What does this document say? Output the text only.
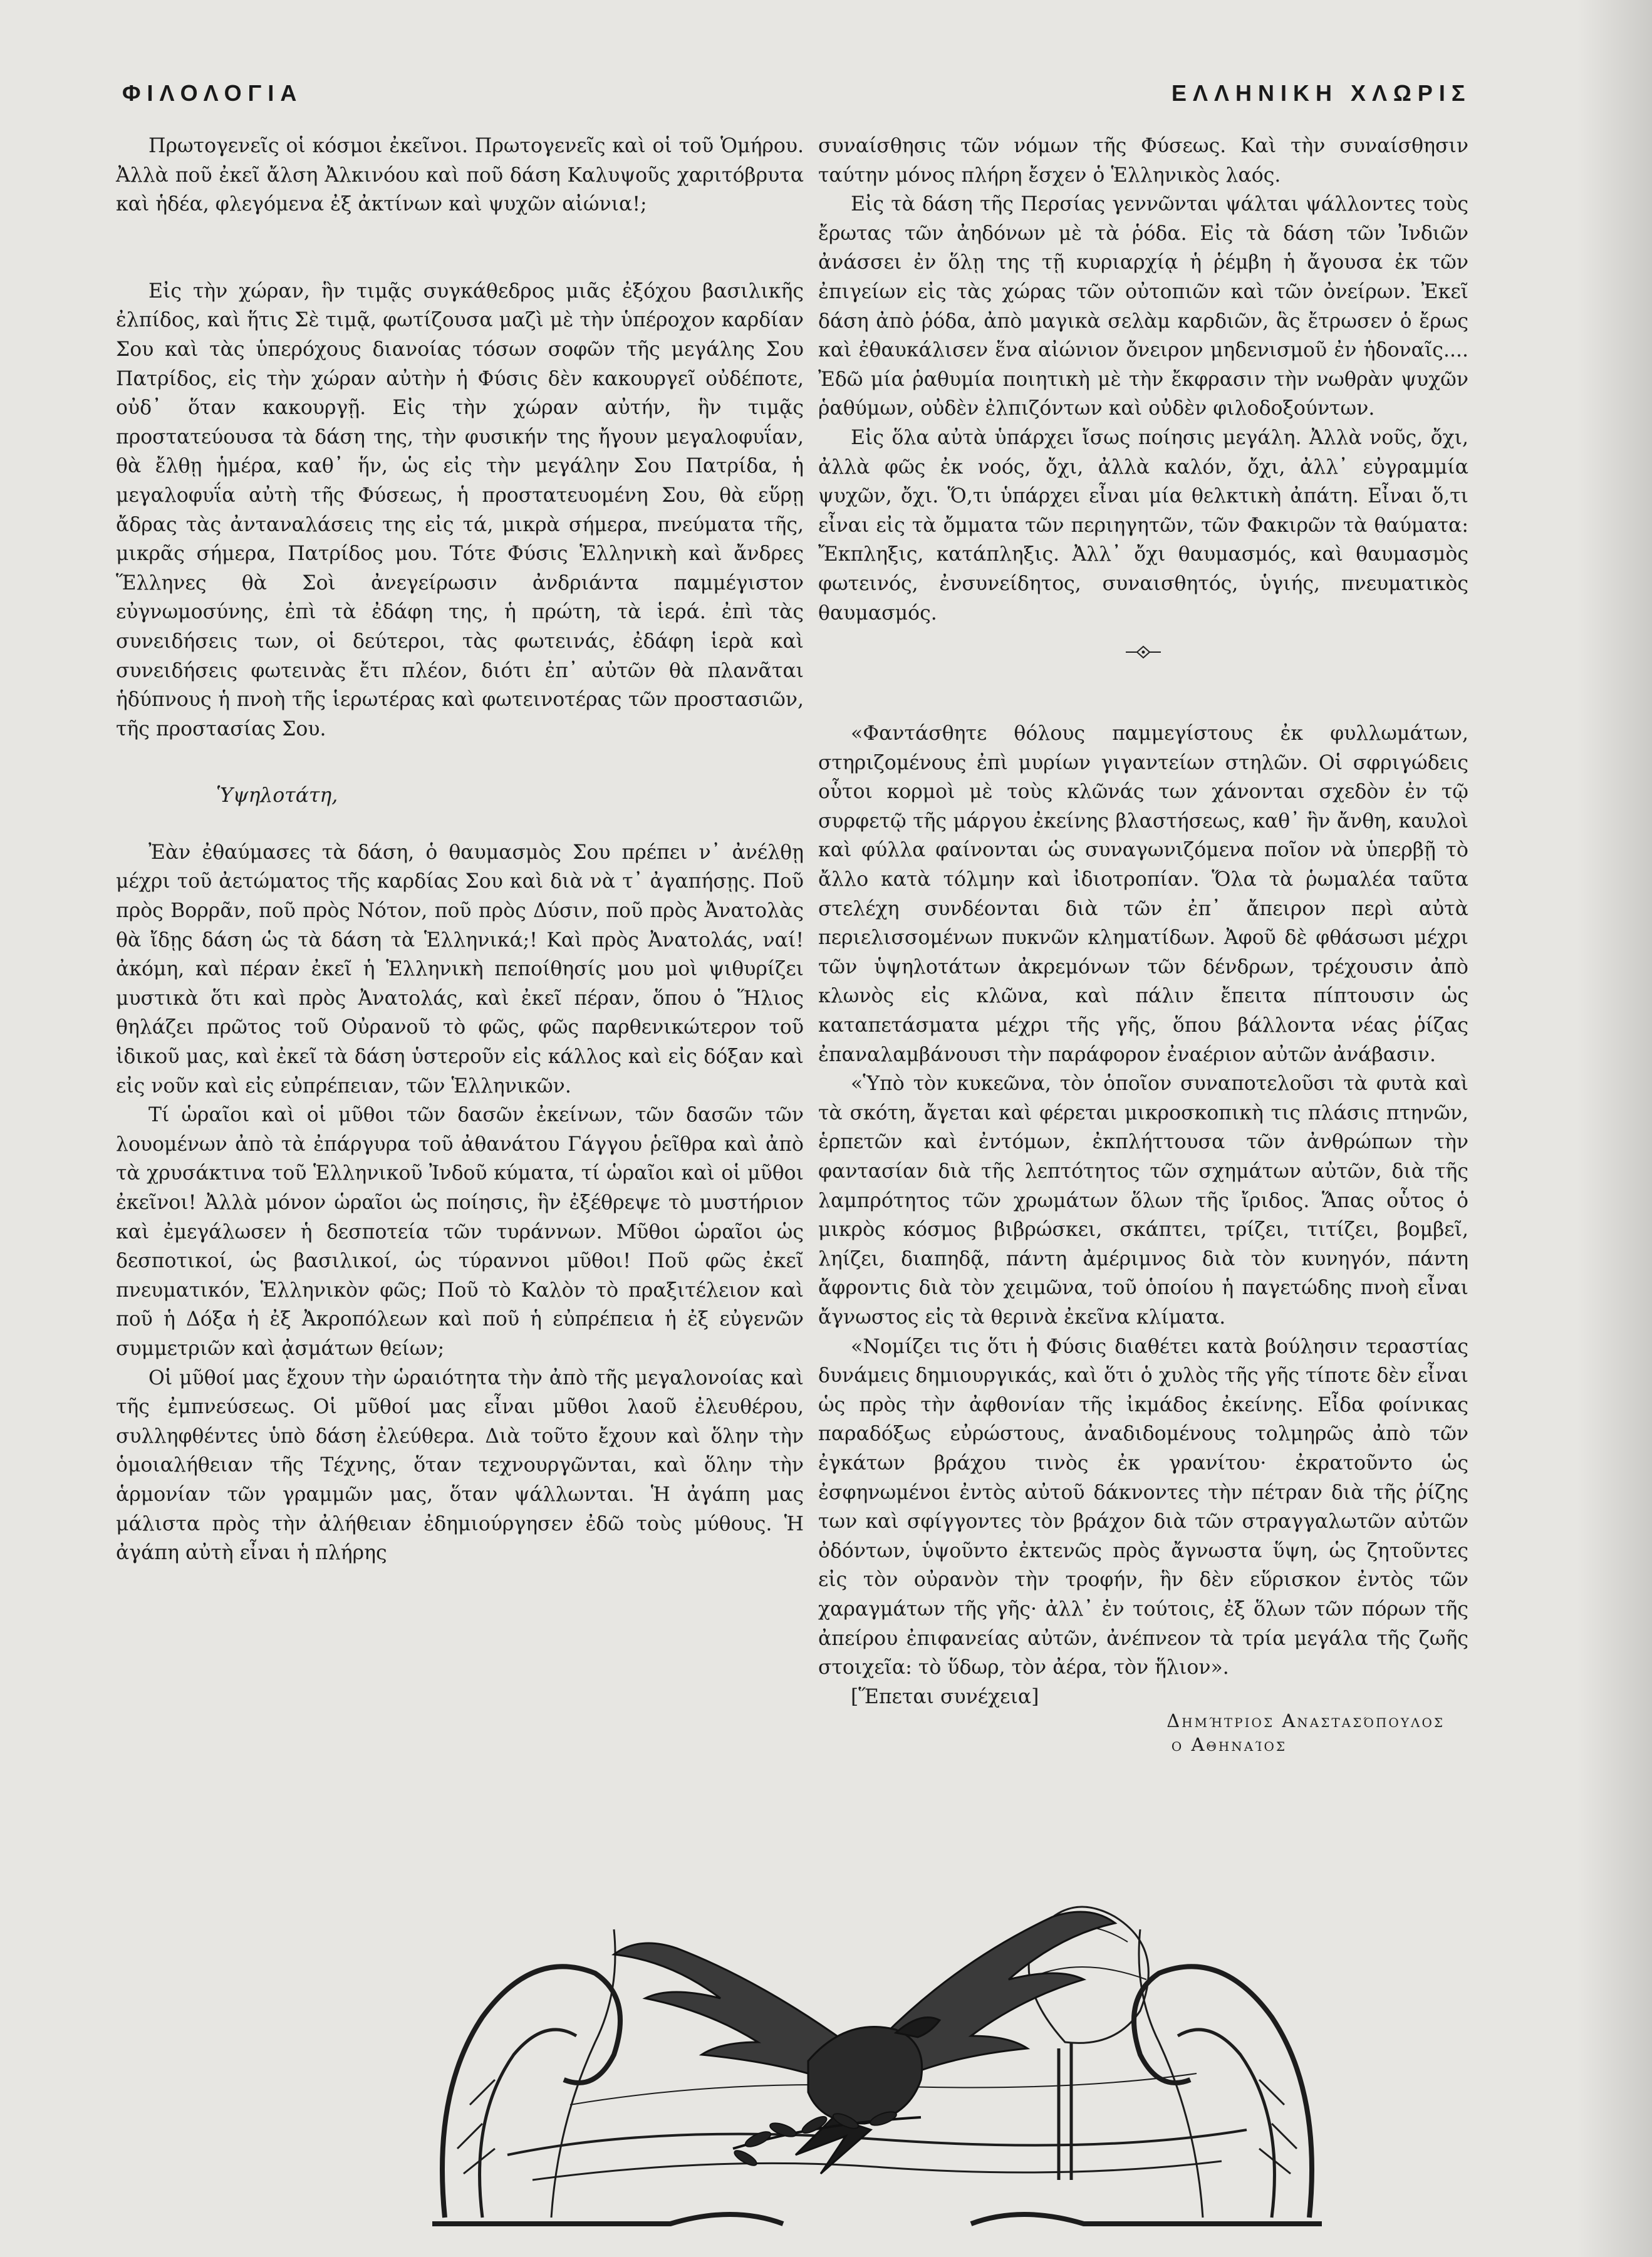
ΦΙΛΟΛΟΓΙΑ	ΕΛΛΗΝΙΚΗ ΧΛΩΡΙΣ

Πρωτογενεῖς οἱ κόσμοι ἐκεῖνοι. Πρωτογενεῖς καὶ οἱ τοῦ Ὁμήρου. Ἀλλὰ ποῦ ἐκεῖ ἄλση Ἀλκινόου καὶ ποῦ δάση Καλυψοῦς χαριτόβρυτα καὶ ἡδέα, φλεγόμενα ἐξ ἀκτίνων καὶ ψυχῶν αἰώνια!;

Εἰς τὴν χώραν, ἣν τιμᾷς συγκάθεδρος μιᾶς ἐξόχου βασιλικῆς ἐλπίδος, καὶ ἥτις Σὲ τιμᾷ, φωτίζουσα μαζὶ μὲ τὴν ὑπέροχον καρδίαν Σου καὶ τὰς ὑπερόχους διανοίας τόσων σοφῶν τῆς μεγάλης Σου Πατρίδος, εἰς τὴν χώραν αὐτὴν ἡ Φύσις δὲν κακουργεῖ οὐδέποτε, οὐδ᾿ ὅταν κακουργῇ. Εἰς τὴν χώραν αὐτήν, ἣν τιμᾷς προστατεύουσα τὰ δάση της, τὴν φυσικήν της ἤγουν μεγαλοφυΐαν, θὰ ἔλθῃ ἡμέρα, καθ᾿ ἥν, ὡς εἰς τὴν μεγάλην Σου Πατρίδα, ἡ μεγαλοφυΐα αὐτὴ τῆς Φύσεως, ἡ προστατευομένη Σου, θὰ εὕρῃ ἄδρας τὰς ἀνταναλάσεις της εἰς τά, μικρὰ σήμερα, πνεύματα τῆς, μικρᾶς σήμερα, Πατρίδος μου. Τότε Φύσις Ἑλληνικὴ καὶ ἄνδρες Ἕλληνες θὰ Σοὶ ἀνεγείρωσιν ἀνδριάντα παμμέγιστον εὐγνωμοσύνης, ἐπὶ τὰ ἐδάφη της, ἡ πρώτη, τὰ ἱερά. ἐπὶ τὰς συνειδήσεις των, οἱ δεύτεροι, τὰς φωτεινάς, ἐδάφη ἱερὰ καὶ συνειδήσεις φωτεινὰς ἔτι πλέον, διότι ἐπ᾿ αὐτῶν θὰ πλανᾶται ἡδύπνους ἡ πνοὴ τῆς ἱερωτέρας καὶ φωτεινοτέρας τῶν προστασιῶν, τῆς προστασίας Σου.

Ὑψηλοτάτη,

Ἐὰν ἐθαύμασες τὰ δάση, ὁ θαυμασμὸς Σου πρέπει ν᾿ ἀνέλθῃ μέχρι τοῦ ἀετώματος τῆς καρδίας Σου καὶ διὰ νὰ τ᾿ ἀγαπήσῃς. Ποῦ πρὸς Βορρᾶν, ποῦ πρὸς Νότον, ποῦ πρὸς Δύσιν, ποῦ πρὸς Ἀνατολὰς θὰ ἴδῃς δάση ὡς τὰ δάση τὰ Ἑλληνικά;! Καὶ πρὸς Ἀνατολάς, ναί! ἀκόμη, καὶ πέραν ἐκεῖ ἡ Ἑλληνικὴ πεποίθησίς μου μοὶ ψιθυρίζει μυστικὰ ὅτι καὶ πρὸς Ἀνατολάς, καὶ ἐκεῖ πέραν, ὅπου ὁ Ἥλιος θηλάζει πρῶτος τοῦ Οὐρανοῦ τὸ φῶς, φῶς παρθενικώτερον τοῦ ἰδικοῦ μας, καὶ ἐκεῖ τὰ δάση ὑστεροῦν εἰς κάλλος καὶ εἰς δόξαν καὶ εἰς νοῦν καὶ εἰς εὐπρέπειαν, τῶν Ἑλληνικῶν.

Τί ὡραῖοι καὶ οἱ μῦθοι τῶν δασῶν ἐκείνων, τῶν δασῶν τῶν λουομένων ἀπὸ τὰ ἐπάργυρα τοῦ ἀθανάτου Γάγγου ῥεῖθρα καὶ ἀπὸ τὰ χρυσάκτινα τοῦ Ἑλληνικοῦ Ἰνδοῦ κύματα, τί ὡραῖοι καὶ οἱ μῦθοι ἐκεῖνοι! Ἀλλὰ μόνον ὡραῖοι ὡς ποίησις, ἣν ἐξέθρεψε τὸ μυστήριον καὶ ἐμεγάλωσεν ἡ δεσποτεία τῶν τυράννων. Μῦθοι ὡραῖοι ὡς δεσποτικοί, ὡς βασιλικοί, ὡς τύραννοι μῦθοι! Ποῦ φῶς ἐκεῖ πνευματικόν, Ἑλληνικὸν φῶς; Ποῦ τὸ Καλὸν τὸ πραξιτέλειον καὶ ποῦ ἡ Δόξα ἡ ἐξ Ἀκροπόλεων καὶ ποῦ ἡ εὐπρέπεια ἡ ἐξ εὐγενῶν συμμετριῶν καὶ ᾀσμάτων θείων;

Οἱ μῦθοί μας ἔχουν τὴν ὡραιότητα τὴν ἀπὸ τῆς μεγαλονοίας καὶ τῆς ἐμπνεύσεως. Οἱ μῦθοί μας εἶναι μῦθοι λαοῦ ἐλευθέρου, συλληφθέντες ὑπὸ δάση ἐλεύθερα. Διὰ τοῦτο ἔχουν καὶ ὅλην τὴν ὁμοιαλήθειαν τῆς Τέχνης, ὅταν τεχνουργῶνται, καὶ ὅλην τὴν ἁρμονίαν τῶν γραμμῶν μας, ὅταν ψάλλωνται. Ἡ ἀγάπη μας μάλιστα πρὸς τὴν ἀλήθειαν ἐδημιούργησεν ἐδῶ τοὺς μύθους. Ἡ ἀγάπη αὐτὴ εἶναι ἡ πλήρης

συναίσθησις τῶν νόμων τῆς Φύσεως. Καὶ τὴν συναίσθησιν ταύτην μόνος πλήρη ἔσχεν ὁ Ἑλληνικὸς λαός.

Εἰς τὰ δάση τῆς Περσίας γεννῶνται ψάλται ψάλλοντες τοὺς ἔρωτας τῶν ἀηδόνων μὲ τὰ ῥόδα. Εἰς τὰ δάση τῶν Ἰνδιῶν ἀνάσσει ἐν ὅλῃ της τῇ κυριαρχίᾳ ἡ ῥέμβη ἡ ἄγουσα ἐκ τῶν ἐπιγείων εἰς τὰς χώρας τῶν οὐτοπιῶν καὶ τῶν ὀνείρων. Ἐκεῖ δάση ἀπὸ ῥόδα, ἀπὸ μαγικὰ σελὰμ καρδιῶν, ἃς ἔτρωσεν ὁ ἔρως καὶ ἐθαυκάλισεν ἕνα αἰώνιον ὄνειρον μηδενισμοῦ ἐν ἡδοναῖς.... Ἐδῶ μία ῥαθυμία ποιητικὴ μὲ τὴν ἔκφρασιν τὴν νωθρὰν ψυχῶν ῥαθύμων, οὐδὲν ἐλπιζόντων καὶ οὐδὲν φιλοδοξούντων.

Εἰς ὅλα αὐτὰ ὑπάρχει ἴσως ποίησις μεγάλη. Ἀλλὰ νοῦς, ὄχι, ἀλλὰ φῶς ἐκ νοός, ὄχι, ἀλλὰ καλόν, ὄχι, ἀλλ᾿ εὐγραμμία ψυχῶν, ὄχι. Ὅ,τι ὑπάρχει εἶναι μία θελκτικὴ ἀπάτη. Εἶναι ὅ,τι εἶναι εἰς τὰ ὄμματα τῶν περιηγητῶν, τῶν Φακιρῶν τὰ θαύματα: Ἔκπληξις, κατάπληξις. Ἀλλ᾿ ὄχι θαυμασμός, καὶ θαυμασμὸς φωτεινός, ἐνσυνείδητος, συναισθητός, ὑγιής, πνευματικὸς θαυμασμός.

«Φαντάσθητε θόλους παμμεγίστους ἐκ φυλλωμάτων, στηριζομένους ἐπὶ μυρίων γιγαντείων στηλῶν. Οἱ σφριγώδεις οὗτοι κορμοὶ μὲ τοὺς κλῶνάς των χάνονται σχεδὸν ἐν τῷ συρφετῷ τῆς μάργου ἐκείνης βλαστήσεως, καθ᾿ ἣν ἄνθη, καυλοὶ καὶ φύλλα φαίνονται ὡς συναγωνιζόμενα ποῖον νὰ ὑπερβῇ τὸ ἄλλο κατὰ τόλμην καὶ ἰδιοτροπίαν. Ὅλα τὰ ῥωμαλέα ταῦτα στελέχη συνδέονται διὰ τῶν ἐπ᾿ ἄπειρον περὶ αὐτὰ περιελισσομένων πυκνῶν κληματίδων. Ἀφοῦ δὲ φθάσωσι μέχρι τῶν ὑψηλοτάτων ἀκρεμόνων τῶν δένδρων, τρέχουσιν ἀπὸ κλωνὸς εἰς κλῶνα, καὶ πάλιν ἔπειτα πίπτουσιν ὡς καταπετάσματα μέχρι τῆς γῆς, ὅπου βάλλοντα νέας ῥίζας ἐπαναλαμβάνουσι τὴν παράφορον ἐναέριον αὐτῶν ἀνάβασιν.

«Ὑπὸ τὸν κυκεῶνα, τὸν ὁποῖον συναποτελοῦσι τὰ φυτὰ καὶ τὰ σκότη, ἄγεται καὶ φέρεται μικροσκοπικὴ τις πλάσις πτηνῶν, ἑρπετῶν καὶ ἐντόμων, ἐκπλήττουσα τῶν ἀνθρώπων τὴν φαντασίαν διὰ τῆς λεπτότητος τῶν σχημάτων αὐτῶν, διὰ τῆς λαμπρότητος τῶν χρωμάτων ὅλων τῆς ἴριδος. Ἅπας οὗτος ὁ μικρὸς κόσμος βιβρώσκει, σκάπτει, τρίζει, τιτίζει, βομβεῖ, ληίζει, διαπηδᾷ, πάντη ἀμέριμνος διὰ τὸν κυνηγόν, πάντη ἄφροντις διὰ τὸν χειμῶνα, τοῦ ὁποίου ἡ παγετώδης πνοὴ εἶναι ἄγνωστος εἰς τὰ θερινὰ ἐκεῖνα κλίματα.

«Νομίζει τις ὅτι ἡ Φύσις διαθέτει κατὰ βούλησιν τεραστίας δυνάμεις δημιουργικάς, καὶ ὅτι ὁ χυλὸς τῆς γῆς τίποτε δὲν εἶναι ὡς πρὸς τὴν ἀφθονίαν τῆς ἰκμάδος ἐκείνης. Εἶδα φοίνικας παραδόξως εὐρώστους, ἀναδιδομένους τολμηρῶς ἀπὸ τῶν ἐγκάτων βράχου τινὸς ἐκ γρανίτου· ἐκρατοῦντο ὡς ἐσφηνωμένοι ἐντὸς αὐτοῦ δάκνοντες τὴν πέτραν διὰ τῆς ῥίζης των καὶ σφίγγοντες τὸν βράχον διὰ τῶν στραγγαλωτῶν αὐτῶν ὀδόντων, ὑψοῦντο ἐκτενῶς πρὸς ἄγνωστα ὕψη, ὡς ζητοῦντες εἰς τὸν οὐρανὸν τὴν τροφήν, ἣν δὲν εὕρισκον ἐντὸς τῶν χαραγμάτων τῆς γῆς· ἀλλ᾿ ἐν τούτοις, ἐξ ὅλων τῶν πόρων τῆς ἀπείρου ἐπιφανείας αὐτῶν, ἀνέπνεον τὰ τρία μεγάλα τῆς ζωῆς στοιχεῖα: τὸ ὕδωρ, τὸν ἀέρα, τὸν ἥλιον».

[Ἕπεται συνέχεια]

Δημήτριος Αναστασόπουλος

ο Αθηναίος
